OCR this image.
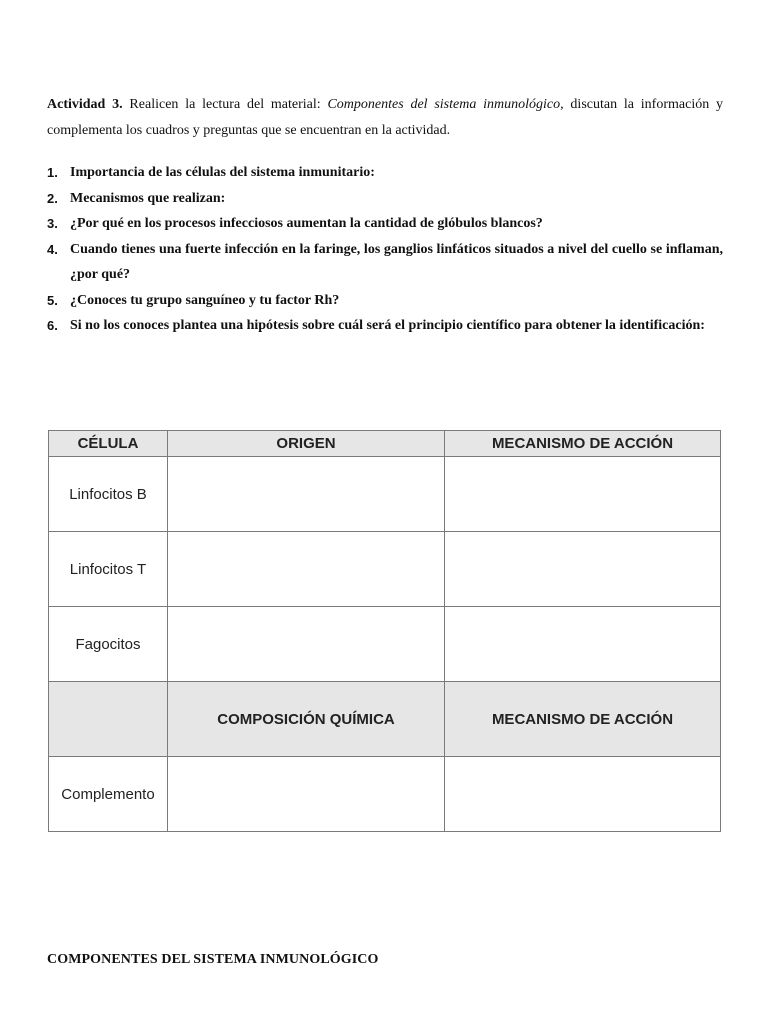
Actividad 3. Realicen la lectura del material: Componentes del sistema inmunológico, discutan la información y complementa los cuadros y preguntas que se encuentran en la actividad.
1. Importancia de las células del sistema inmunitario:
2. Mecanismos que realizan:
3. ¿Por qué en los procesos infecciosos aumentan la cantidad de glóbulos blancos?
4. Cuando tienes una fuerte infección en la faringe, los ganglios linfáticos situados a nivel del cuello se inflaman, ¿por qué?
5. ¿Conoces tu grupo sanguíneo y tu factor Rh?
6. Si no los conoces plantea una hipótesis sobre cuál será el principio científico para obtener la identificación:
CÉLULA	ORIGEN	MECANISMO DE ACCIÓN
Linfocitos B		
Linfocitos T		
Fagocitos		
	COMPOSICIÓN QUÍMICA	MECANISMO DE ACCIÓN
Complemento		
COMPONENTES DEL SISTEMA INMUNOLÓGICO
